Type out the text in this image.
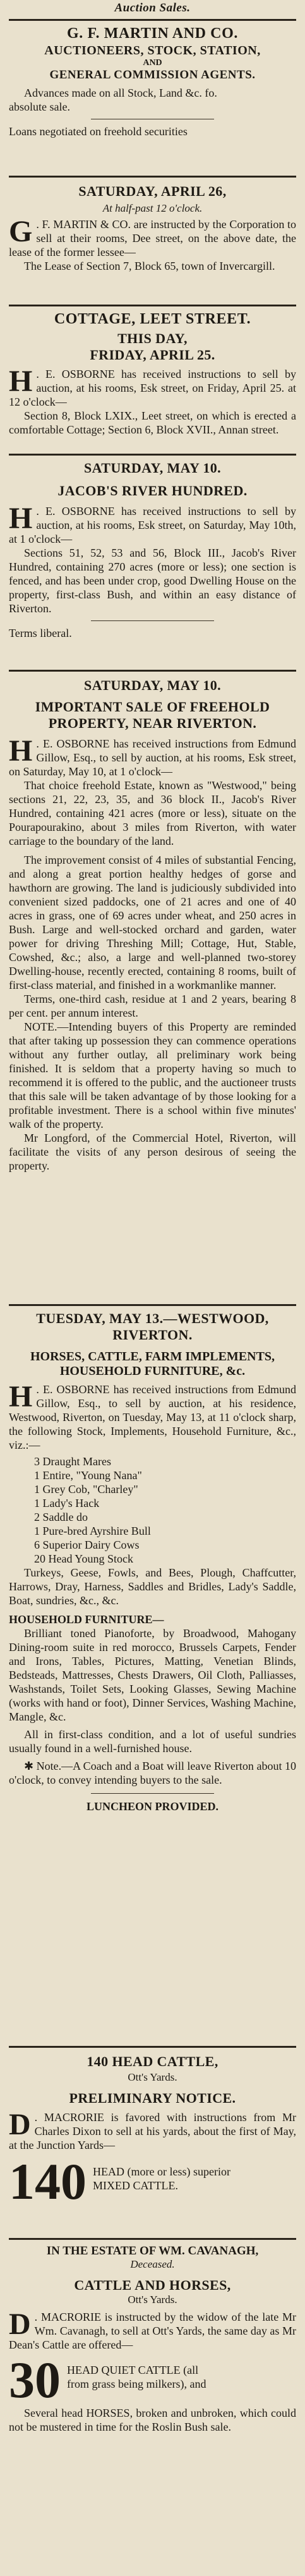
Auction Sales.
G. F. MARTIN AND CO.
AUCTIONEERS, STOCK, STATION,
AND
GENERAL COMMISSION AGENTS.
Advances made on all Stock, Land &c. fo.
absolute sale.
Loans negotiated on freehold securities
SATURDAY, APRIL 26,
At half-past 12 o'clock.
G . F. MARTIN & CO. are instructed by the Corporation to sell at their rooms, Dee street, on the above date, the lease of the former lessee—
The Lease of Section 7, Block 65, town of Invercargill.
COTTAGE, LEET STREET.
THIS DAY,
FRIDAY, APRIL 25.
H . E. OSBORNE has received instructions to sell by auction, at his rooms, Esk street, on Friday, April 25. at 12 o'clock—
Section 8, Block LXIX., Leet street, on which is erected a comfortable Cottage; Section 6, Block XVII., Annan street.
SATURDAY, MAY 10.
JACOB'S RIVER HUNDRED.
H . E. OSBORNE has received instructions to sell by auction, at his rooms, Esk street, on Saturday, May 10th, at 1 o'clock—
Sections 51, 52, 53 and 56, Block III., Jacob's River Hundred, containing 270 acres (more or less); one section is fenced, and has been under crop, good Dwelling House on the property, first-class Bush, and within an easy distance of Riverton.
Terms liberal.
SATURDAY, MAY 10.
IMPORTANT SALE OF FREEHOLD
PROPERTY, NEAR RIVERTON.
H . E. OSBORNE has received instructions from Edmund Gillow, Esq., to sell by auction, at his rooms, Esk street, on Saturday, May 10, at 1 o'clock—
That choice freehold Estate, known as "Westwood," being sections 21, 22, 23, 35, and 36 block II., Jacob's River Hundred, containing 421 acres (more or less), situate on the Pourapourakino, about 3 miles from Riverton, with water carriage to the boundary of the land.
The improvement consist of 4 miles of substantial Fencing, and along a great portion healthy hedges of gorse and hawthorn are growing. The land is judiciously subdivided into convenient sized paddocks, one of 21 acres and one of 40 acres in grass, one of 69 acres under wheat, and 250 acres in Bush. Large and well-stocked orchard and garden, water power for driving Threshing Mill; Cottage, Hut, Stable, Cowshed, &c.; also, a large and well-planned two-storey Dwelling-house, recently erected, containing 8 rooms, built of first-class material, and finished in a workmanlike manner.
Terms, one-third cash, residue at 1 and 2 years, bearing 8 per cent. per annum interest.
NOTE.—Intending buyers of this Property are reminded that after taking up possession they can commence operations without any further outlay, all preliminary work being finished. It is seldom that a property having so much to recommend it is offered to the public, and the auctioneer trusts that this sale will be taken advantage of by those looking for a profitable investment. There is a school within five minutes' walk of the property.
Mr Longford, of the Commercial Hotel, Riverton, will facilitate the visits of any person desirous of seeing the property.
TUESDAY, MAY 13.—WESTWOOD, RIVERTON.
HORSES, CATTLE, FARM IMPLEMENTS,
HOUSEHOLD FURNITURE, &c.
H . E. OSBORNE has received instructions from Edmund Gillow, Esq., to sell by auction, at his residence, Westwood, Riverton, on Tuesday, May 13, at 11 o'clock sharp, the following Stock, Implements, Household Furniture, &c., viz.:—
3 Draught Mares
1 Entire, "Young Nana"
1 Grey Cob, "Charley"
1 Lady's Hack
2 Saddle do
1 Pure-bred Ayrshire Bull
6 Superior Dairy Cows
20 Head Young Stock
Turkeys, Geese, Fowls, and Bees, Plough, Chaffcutter, Harrows, Dray, Harness, Saddles and Bridles, Lady's Saddle, Boat, sundries, &c., &c.
HOUSEHOLD FURNITURE—
Brilliant toned Pianoforte, by Broadwood, Mahogany Dining-room suite in red morocco, Brussels Carpets, Fender and Irons, Tables, Pictures, Matting, Venetian Blinds, Bedsteads, Mattresses, Chests Drawers, Oil Cloth, Palliasses, Washstands, Toilet Sets, Looking Glasses, Sewing Machine (works with hand or foot), Dinner Services, Washing Machine, Mangle, &c.
All in first-class condition, and a lot of useful sundries usually found in a well-furnished house.
✱ Note.—A Coach and a Boat will leave Riverton about 10 o'clock, to convey intending buyers to the sale.
LUNCHEON PROVIDED.
140 HEAD CATTLE,
Ott's Yards.
PRELIMINARY NOTICE.
D . MACRORIE is favored with instructions from Mr Charles Dixon to sell at his yards, about the first of May, at the Junction Yards—
140 HEAD (more or less) superior
MIXED CATTLE.
IN THE ESTATE OF WM. CAVANAGH,
Deceased.
CATTLE AND HORSES,
Ott's Yards.
D . MACRORIE is instructed by the widow of the late Mr Wm. Cavanagh, to sell at Ott's Yards, the same day as Mr Dean's Cattle are offered—
30 HEAD QUIET CATTLE (all
from grass being milkers), and
Several head HORSES, broken and unbroken, which could not be mustered in time for the Roslin Bush sale.
